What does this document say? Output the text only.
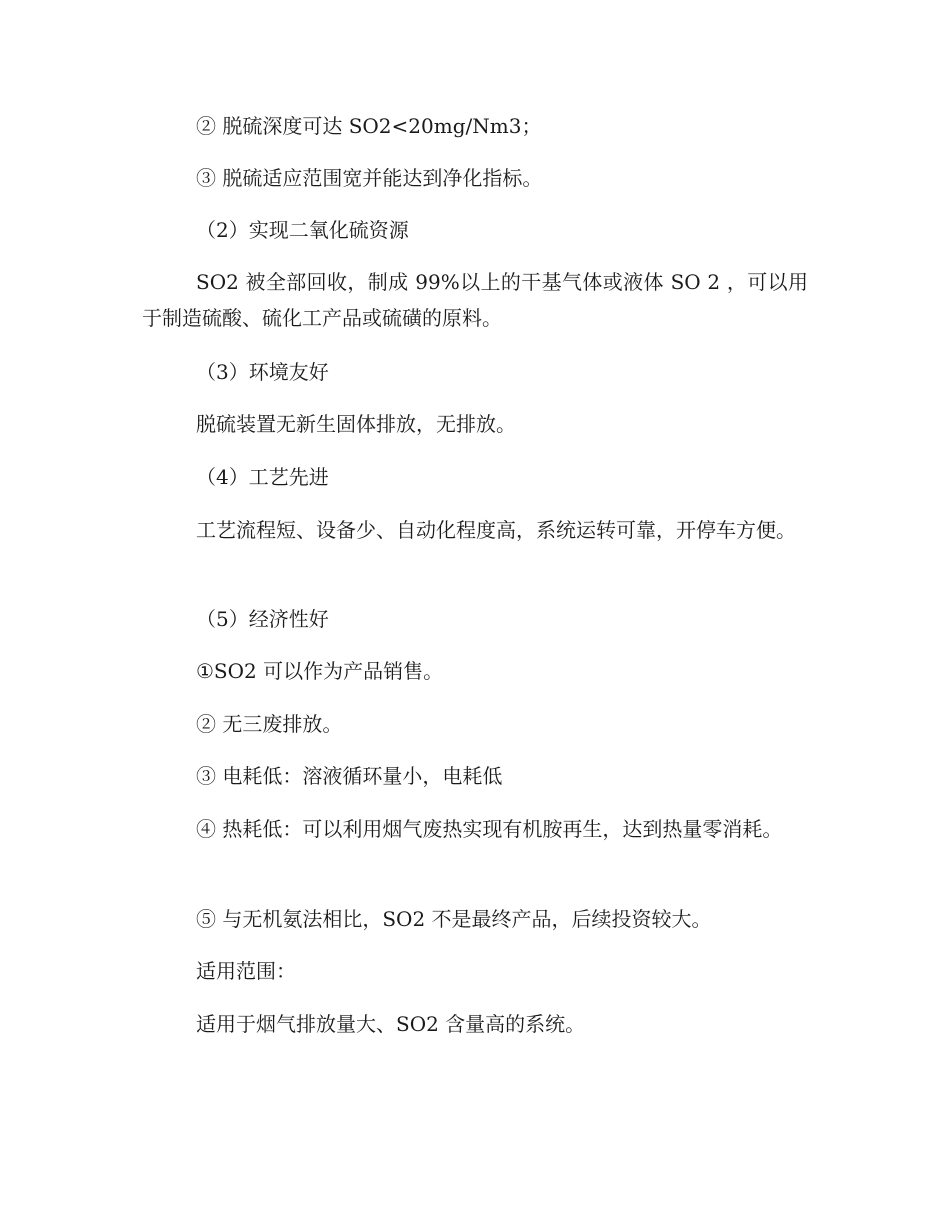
② 脱硫深度可达 SO2<20mg/Nm3；

③ 脱硫适应范围宽并能达到净化指标。

（2）实现二氧化硫资源

SO2 被全部回收，制成 99%以上的干基气体或液体 SO 2 ，可以用于制造硫酸、硫化工产品或硫磺的原料。

（3）环境友好

脱硫装置无新生固体排放，无排放。

（4）工艺先进

工艺流程短、设备少、自动化程度高，系统运转可靠，开停车方便。

（5）经济性好

①SO2 可以作为产品销售。

② 无三废排放。

③ 电耗低：溶液循环量小，电耗低

④ 热耗低：可以利用烟气废热实现有机胺再生，达到热量零消耗。

⑤ 与无机氨法相比，SO2 不是最终产品，后续投资较大。

适用范围：

适用于烟气排放量大、SO2 含量高的系统。
